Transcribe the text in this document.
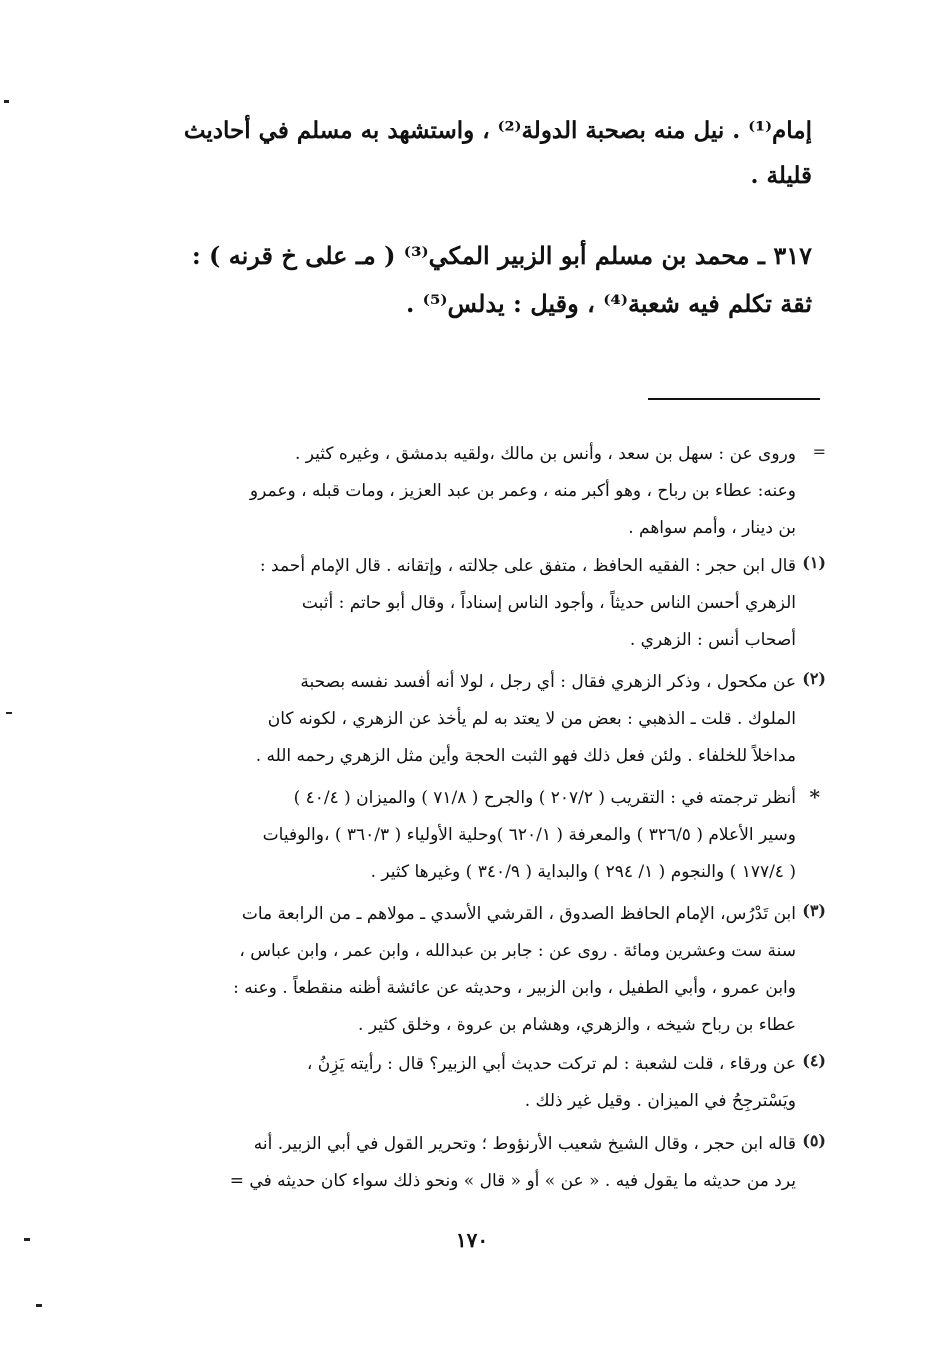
إمام⁽¹⁾ . نيل منه بصحبة الدولة⁽²⁾ ، واستشهد به مسلم في أحاديث
قليلة .
٣١٧ ـ محمد بن مسلم أبو الزبير المكي⁽³⁾ ( مـ على خ قرنه ) :
ثقة تكلم فيه شعبة⁽⁴⁾ ، وقيل : يدلس⁽⁵⁾ .
وروى عن : سهل بن سعد ، وأنس بن مالك ،ولقيه بدمشق ، وغيره كثير .
وعنه: عطاء بن رباح ، وهو أكبر منه ، وعمر بن عبد العزيز ، ومات قبله ، وعمرو
بن دينار ، وأمم سواهم .
=
قال ابن حجر : الفقيه الحافظ ، متفق على جلالته ، وإتقانه . قال الإمام أحمد :
الزهري أحسن الناس حديثاً ، وأجود الناس إسناداً ، وقال أبو حاتم : أثبت
أصحاب أنس : الزهري .
(١)
عن مكحول ، وذكر الزهري فقال : أي رجل ، لولا أنه أفسد نفسه بصحبة
الملوك . قلت ـ الذهبي : بعض من لا يعتد به لم يأخذ عن الزهري ، لكونه كان
مداخلاً للخلفاء . ولئن فعل ذلك فهو الثبت الحجة وأين مثل الزهري رحمه الله .
(٢)
أنظر ترجمته في : التقريب ( ٢٠٧/٢ ) والجرح ( ٧١/٨ ) والميزان ( ٤٠/٤ )
وسير الأعلام ( ٣٢٦/٥ ) والمعرفة ( ٦٢٠/١ )وحلية الأولياء ( ٣٦٠/٣ ) ،والوفيات
( ١٧٧/٤ ) والنجوم ( ١/ ٢٩٤ ) والبداية ( ٣٤٠/٩ ) وغيرها كثير .
*
ابن تَدْرُس، الإمام الحافظ الصدوق ، القرشي الأسدي ـ مولاهم ـ من الرابعة مات
سنة ست وعشرين ومائة . روى عن : جابر بن عبدالله ، وابن عمر ، وابن عباس ،
وابن عمرو ، وأبي الطفيل ، وابن الزبير ، وحديثه عن عائشة أظنه منقطعاً . وعنه :
عطاء بن رباح شيخه ، والزهري، وهشام بن عروة ، وخلق كثير .
(٣)
عن ورقاء ، قلت لشعبة : لم تركت حديث أبي الزبير؟ قال : رأيته يَزِنُ ،
ويَسْترجِحُ في الميزان . وقيل غير ذلك .
(٤)
قاله ابن حجر ، وقال الشيخ شعيب الأرنؤوط ؛ وتحرير القول في أبي الزبير. أنه
يرد من حديثه ما يقول فيه . « عن » أو « قال » ونحو ذلك سواء كان حديثه في =
(٥)
١٧٠
